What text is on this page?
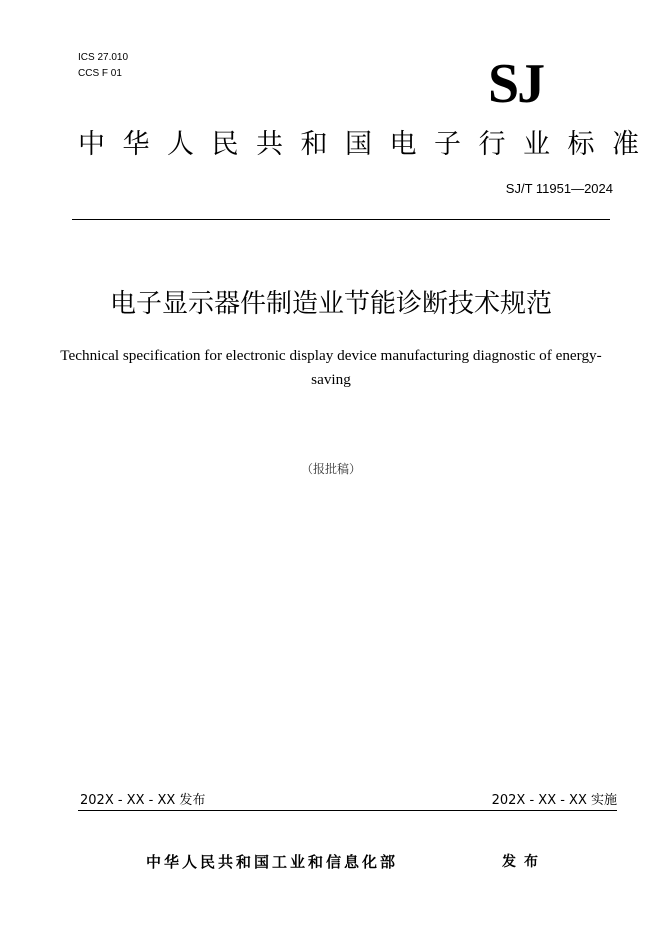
ICS 27.010
CCS F 01	SJ
中华人民共和国电子行业标准
SJ/T 11951—2024
电子显示器件制造业节能诊断技术规范
Technical specification for electronic display device manufacturing diagnostic of energy-saving
（报批稿）
202X - XX - XX 发布	202X - XX - XX 实施
中华人民共和国工业和信息化部	发布
